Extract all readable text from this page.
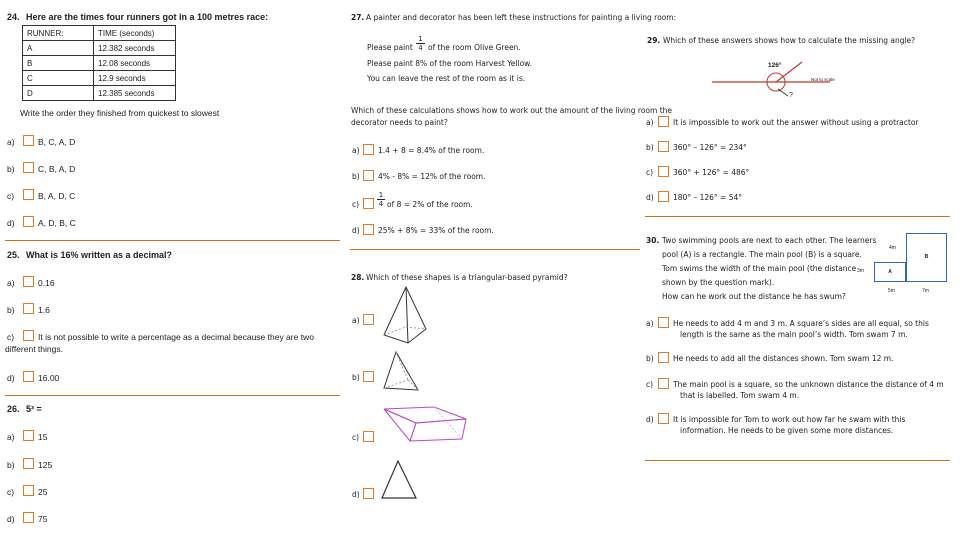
24. Here are the times four runners got in a 100 metres race:
RUNNER:	TIME (seconds)
A	12.382 seconds
B	12.08 seconds
C	12.9 seconds
D	12.385 seconds
Write the order they finished from quickest to slowest
a)	B, C, A, D
b)	C, B, A, D
c)	B, A, D, C
d)	A, D, B, C
25. What is 16% written as a decimal?
a)	0.16
b)	1.6
c)	It is not possible to write a percentage as a decimal because they are two
different things.
d)	16.00
26. 5³ =
a)	15
b)	125
c)	25
d)	75
27. A painter and decorator has been left these instructions for painting a living room:
Please paint $\frac{1}{4}$ of the room Olive Green.
Please paint 8% of the room Harvest Yellow.
You can leave the rest of the room as it is.
Which of these calculations shows how to work out the amount of the living room the
decorator needs to paint?
a) 1.4 + 8 = 8.4% of the room.
b) 4% - 8% = 12% of the room.
c)	$\frac{1}{4}$ of 8 = 2% of the room.
d) 25% + 8% = 33% of the room.
28. Which of these shapes is a triangular-based pyramid?
a)
b)
c)
d)
29. Which of these answers shows how to calculate the missing angle?
126°
Not to scale
?
a)	It is impossible to work out the answer without using a protractor
b)	360° – 126° = 234°
c)	360° + 126° = 486°
d)	180° – 126° = 54°
30. Two swimming pools are next to each other. The learners
pool (A) is a rectangle. The main pool (B) is a square.
Tom swims the width of the main pool (the distance
shown by the question mark).
How can he work out the distance he has swum?
A
B
4m
3m
5m	7m
a)	He needs to add 4 m and 3 m. A square’s sides are all equal, so this
length is the same as the main pool’s width. Tom swam 7 m.
b)	He needs to add all the distances shown. Tom swam 12 m.
c)	The main pool is a square, so the unknown distance the distance of 4 m
that is labelled. Tom swam 4 m.
d)	It is impossible for Tom to work out how far he swam with this
information. He needs to be given some more distances.
